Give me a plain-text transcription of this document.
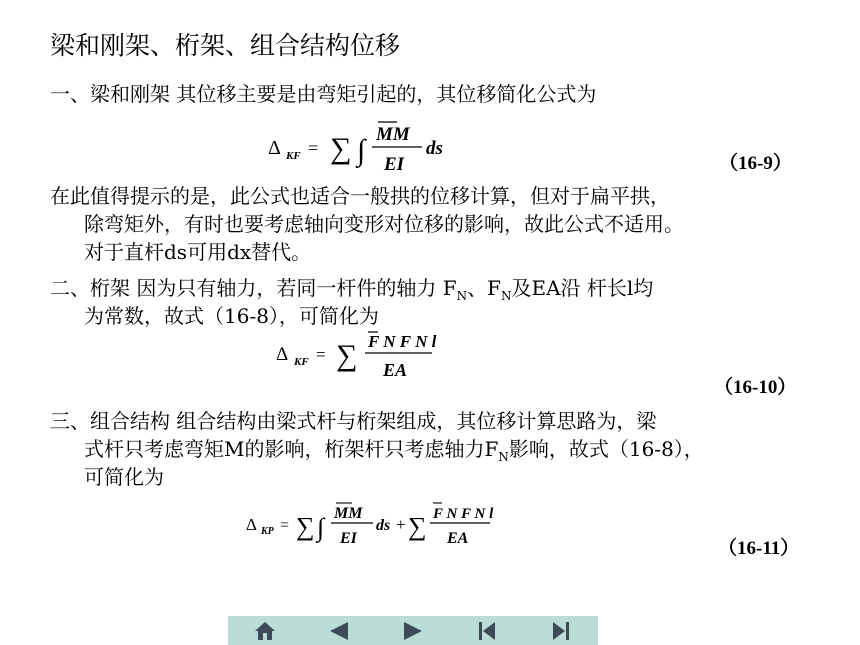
梁和刚架、桁架、组合结构位移
一、梁和刚架 其位移主要是由弯矩引起的，其位移简化公式为
Δ KF = ∑ ∫ MM
EI
ds
（16-9）
在此值得提示的是，此公式也适合一般拱的位移计算，但对于扁平拱，
除弯矩外，有时也要考虑轴向变形对位移的影响，故此公式不适用。
对于直杆ds可用dx替代。
二、桁架 因为只有轴力，若同一杆件的轴力 $F_N$、$F_N$及EA沿 杆长l均
为常数，故式（16-8），可简化为
Δ KF = ∑ F N F N l
EA
（16-10）
三、组合结构 组合结构由梁式杆与桁架组成，其位移计算思路为，梁
式杆只考虑弯矩M的影响，桁架杆只考虑轴力$F_N$影响，故式（16-8），
可简化为
Δ KP = ∑ ∫ MM
EI
ds + ∑ F N F N l
EA	（16-11）
